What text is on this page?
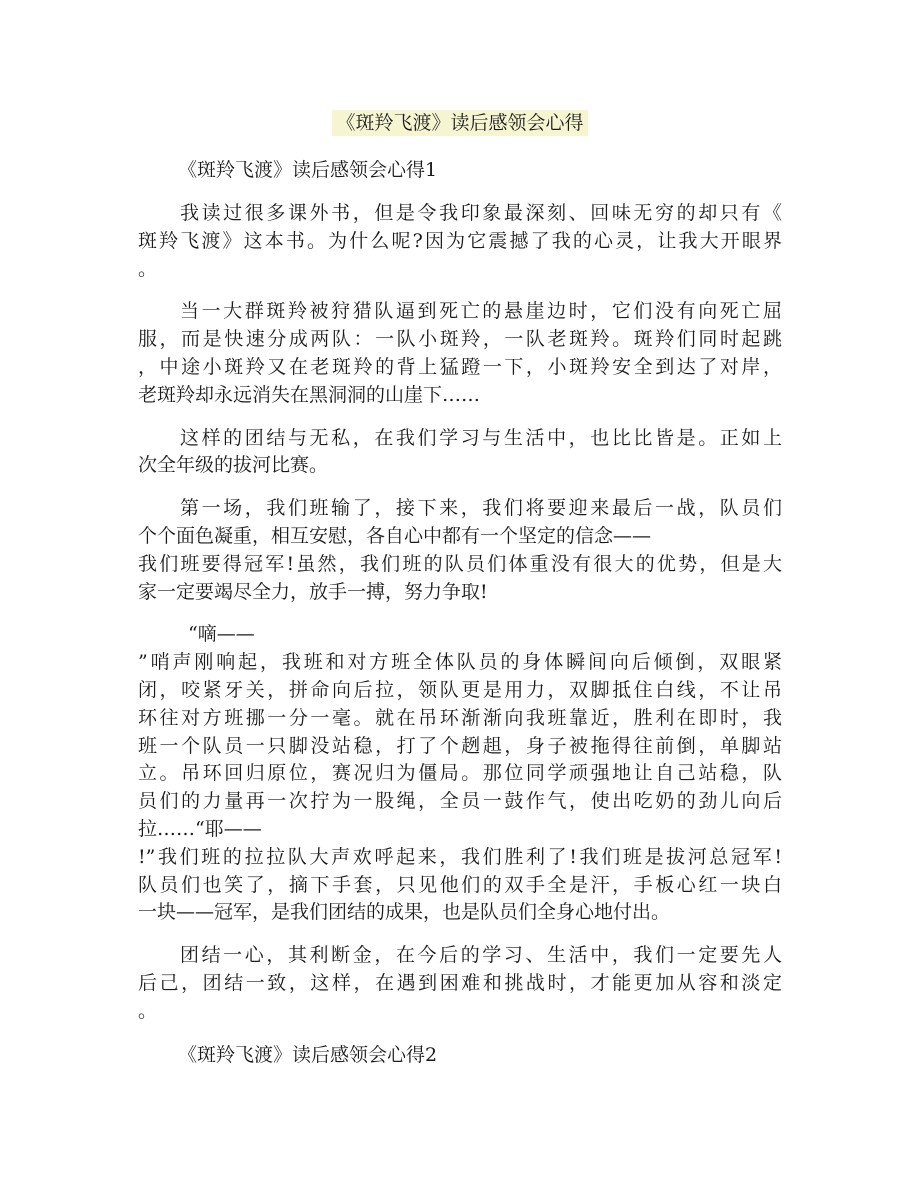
《斑羚飞渡》读后感领会心得
《斑羚飞渡》读后感领会心得1
我读过很多课外书，但是令我印象最深刻、回味无穷的却只有《
斑羚飞渡》这本书。为什么呢?因为它震撼了我的心灵，让我大开眼界
。
当一大群斑羚被狩猎队逼到死亡的悬崖边时，它们没有向死亡屈
服，而是快速分成两队：一队小斑羚，一队老斑羚。斑羚们同时起跳
，中途小斑羚又在老斑羚的背上猛蹬一下，小斑羚安全到达了对岸，
老斑羚却永远消失在黑洞洞的山崖下……
这样的团结与无私，在我们学习与生活中，也比比皆是。正如上
次全年级的拔河比赛。
第一场，我们班输了，接下来，我们将要迎来最后一战，队员们
个个面色凝重，相互安慰，各自心中都有一个坚定的信念——
我们班要得冠军!虽然，我们班的队员们体重没有很大的优势，但是大
家一定要竭尽全力，放手一搏，努力争取!
“嘀——
”哨声刚响起，我班和对方班全体队员的身体瞬间向后倾倒，双眼紧
闭，咬紧牙关，拼命向后拉，领队更是用力，双脚抵住白线，不让吊
环往对方班挪一分一毫。就在吊环渐渐向我班靠近，胜利在即时，我
班一个队员一只脚没站稳，打了个趔趄，身子被拖得往前倒，单脚站
立。吊环回归原位，赛况归为僵局。那位同学顽强地让自己站稳，队
员们的力量再一次拧为一股绳，全员一鼓作气，使出吃奶的劲儿向后
拉……“耶——
!”我们班的拉拉队大声欢呼起来，我们胜利了!我们班是拔河总冠军!
队员们也笑了，摘下手套，只见他们的双手全是汗，手板心红一块白
一块——冠军，是我们团结的成果，也是队员们全身心地付出。
团结一心，其利断金，在今后的学习、生活中，我们一定要先人
后己，团结一致，这样，在遇到困难和挑战时，才能更加从容和淡定
。
《斑羚飞渡》读后感领会心得2
